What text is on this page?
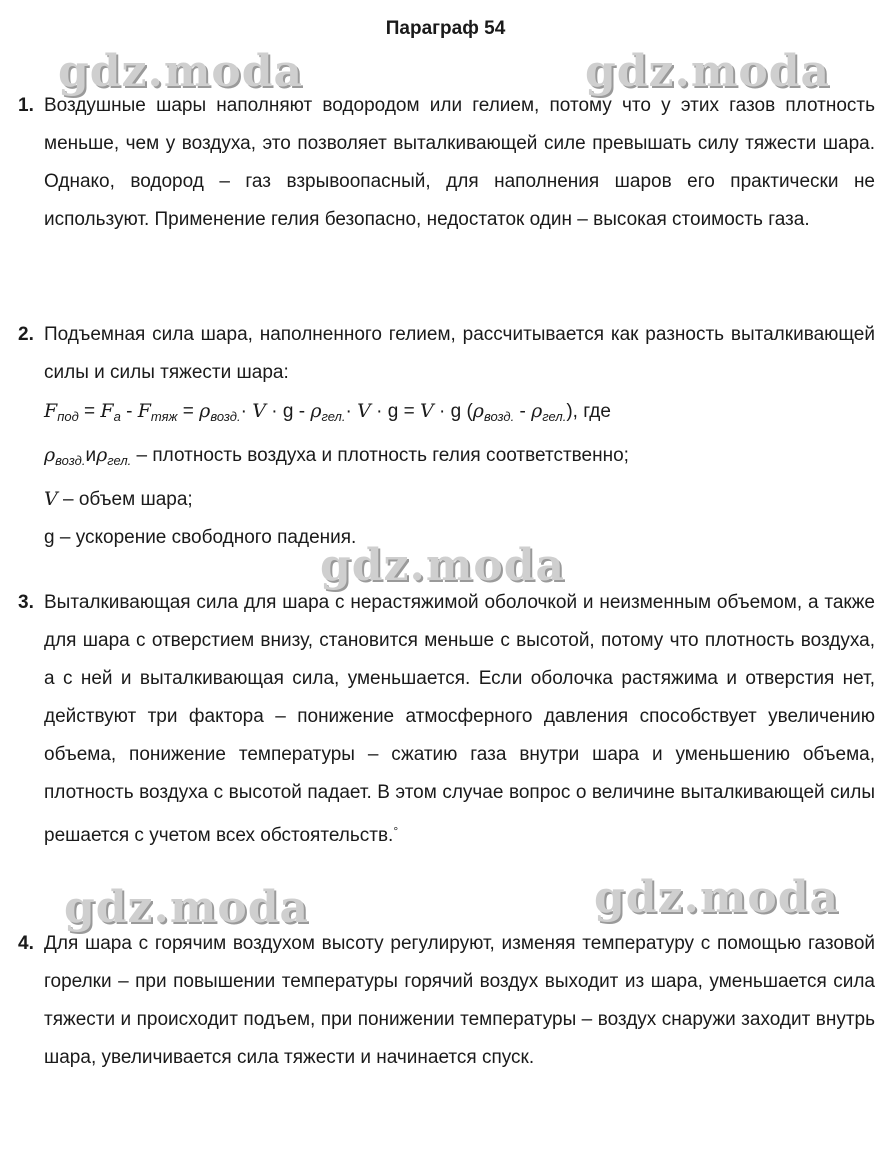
Параграф 54
gdz.moda	gdz.moda
gdz.moda
gdz.moda	gdz.moda
1. Воздушные шары наполняют водородом или гелием, потому что у этих газов плотность меньше, чем у воздуха, это позволяет выталкивающей силе превышать силу тяжести шара. Однако, водород – газ взрывоопасный, для наполнения шаров его практически не используют. Применение гелия безопасно, недостаток один – высокая стоимость газа.
2. Подъемная сила шара, наполненного гелием, рассчитывается как разность выталкивающей силы и силы тяжести шара:
$F_{под} = F_а - F_{тяж} = \rho_{возд.}\cdot V \cdot g - \rho_{гел.}\cdot V \cdot g = V \cdot g$ $(\rho_{возд.} - \rho_{гел.})$, где
$\rho_{возд.}и\rho_{гел.}$ – плотность воздуха и плотность гелия соответственно;
V – объем шара;
g – ускорение свободного падения.
3. Выталкивающая сила для шара с нерастяжимой оболочкой и неизменным объемом, а также для шара с отверстием внизу, становится меньше с высотой, потому что плотность воздуха, а с ней и выталкивающая сила, уменьшается. Если оболочка растяжима и отверстия нет, действуют три фактора – понижение атмосферного давления способствует увеличению объема, понижение температуры – сжатию газа внутри шара и уменьшению объема, плотность воздуха с высотой падает. В этом случае вопрос о величине выталкивающей силы решается с учетом всех обстоятельств.°
4. Для шара с горячим воздухом высоту регулируют, изменяя температуру с помощью газовой горелки – при повышении температуры горячий воздух выходит из шара, уменьшается сила тяжести и происходит подъем, при понижении температуры – воздух снаружи заходит внутрь шара, увеличивается сила тяжести и начинается спуск.
